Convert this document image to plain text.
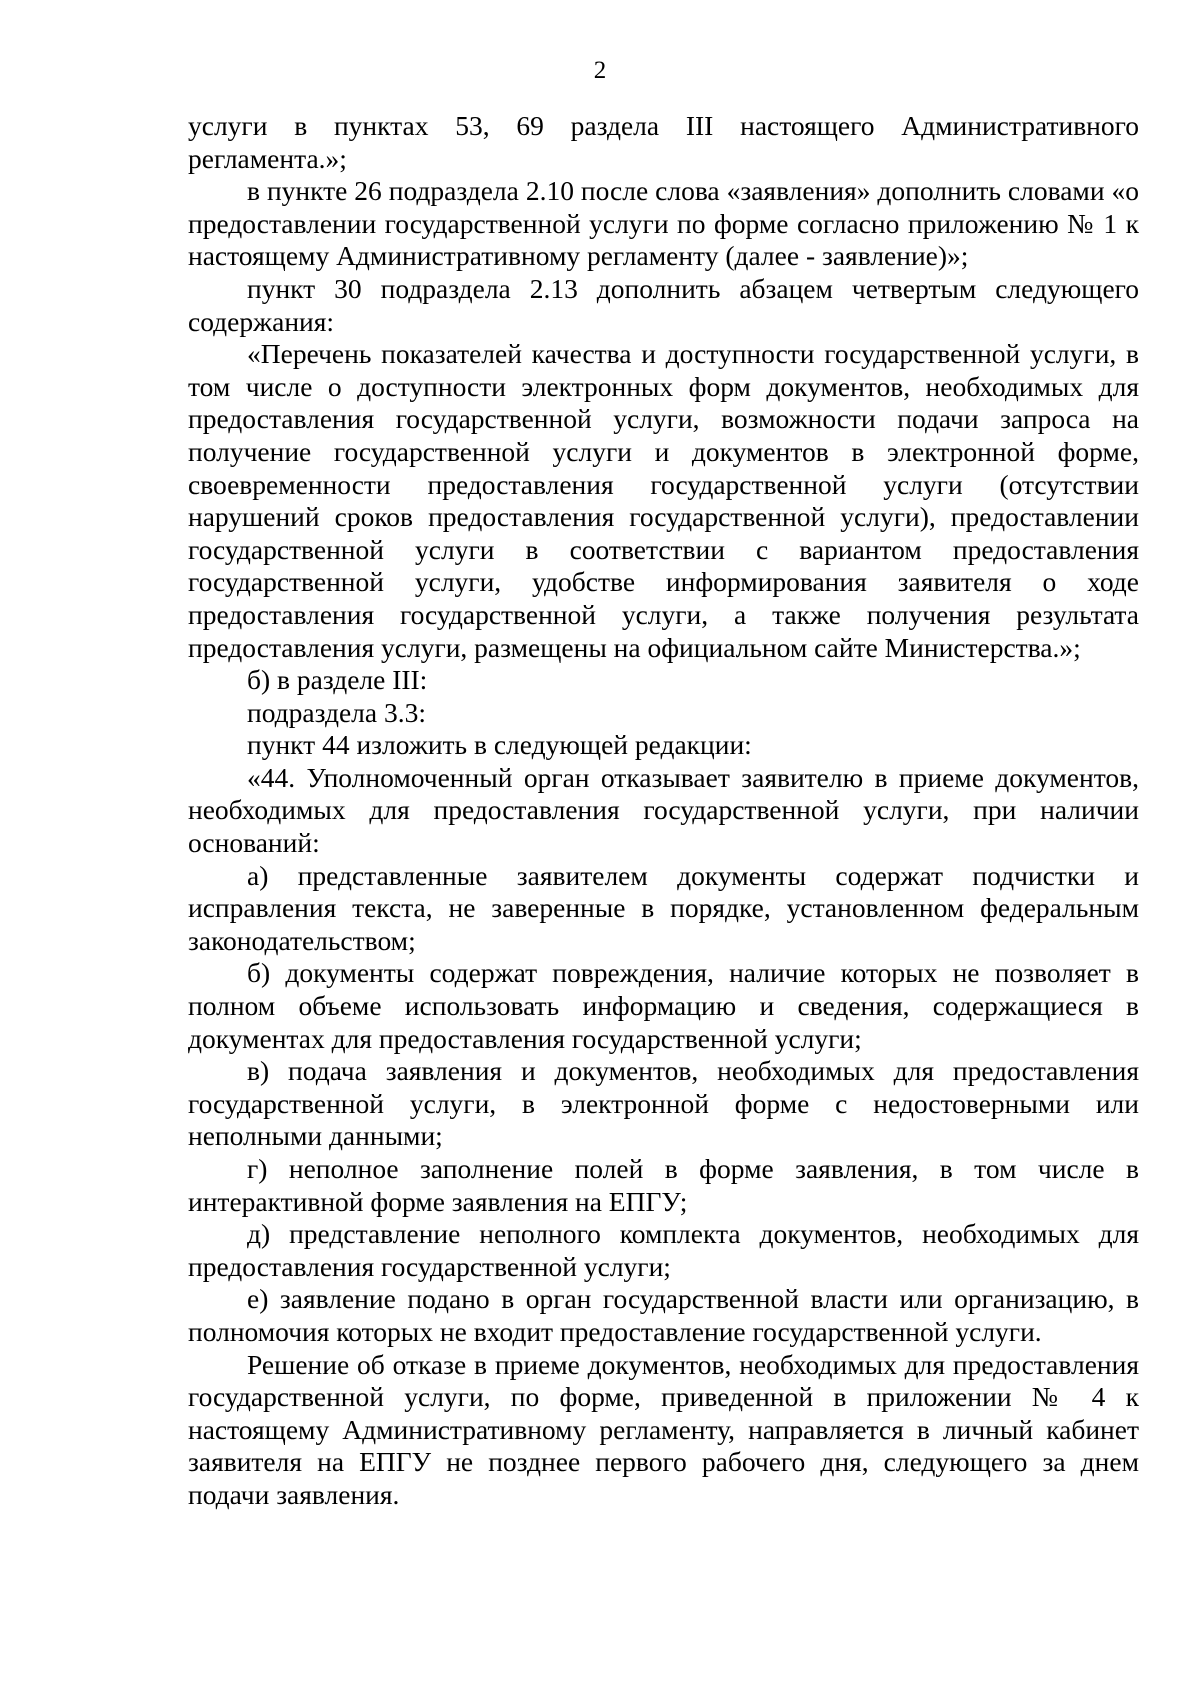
2

услуги в пунктах 53, 69 раздела III настоящего Административного регламента.»;

в пункте 26 подраздела 2.10 после слова «заявления» дополнить словами «о предоставлении государственной услуги по форме согласно приложению № 1 к настоящему Административному регламенту (далее - заявление)»;

пункт 30 подраздела 2.13 дополнить абзацем четвертым следующего содержания:

«Перечень показателей качества и доступности государственной услуги, в том числе о доступности электронных форм документов, необходимых для предоставления государственной услуги, возможности подачи запроса на получение государственной услуги и документов в электронной форме, своевременности предоставления государственной услуги (отсутствии нарушений сроков предоставления государственной услуги), предоставлении государственной услуги в соответствии с вариантом предоставления государственной услуги, удобстве информирования заявителя о ходе предоставления государственной услуги, а также получения результата предоставления услуги, размещены на официальном сайте Министерства.»;

б) в разделе III:

подраздела 3.3:

пункт 44 изложить в следующей редакции:

«44. Уполномоченный орган отказывает заявителю в приеме документов, необходимых для предоставления государственной услуги, при наличии оснований:

а) представленные заявителем документы содержат подчистки и исправления текста, не заверенные в порядке, установленном федеральным законодательством;

б) документы содержат повреждения, наличие которых не позволяет в полном объеме использовать информацию и сведения, содержащиеся в документах для предоставления государственной услуги;

в) подача заявления и документов, необходимых для предоставления государственной услуги, в электронной форме с недостоверными или неполными данными;

г) неполное заполнение полей в форме заявления, в том числе в интерактивной форме заявления на ЕПГУ;

д) представление неполного комплекта документов, необходимых для предоставления государственной услуги;

е) заявление подано в орган государственной власти или организацию, в полномочия которых не входит предоставление государственной услуги.

Решение об отказе в приеме документов, необходимых для предоставления государственной услуги, по форме, приведенной в приложении № 4 к настоящему Административному регламенту, направляется в личный кабинет заявителя на ЕПГУ не позднее первого рабочего дня, следующего за днем подачи заявления.
